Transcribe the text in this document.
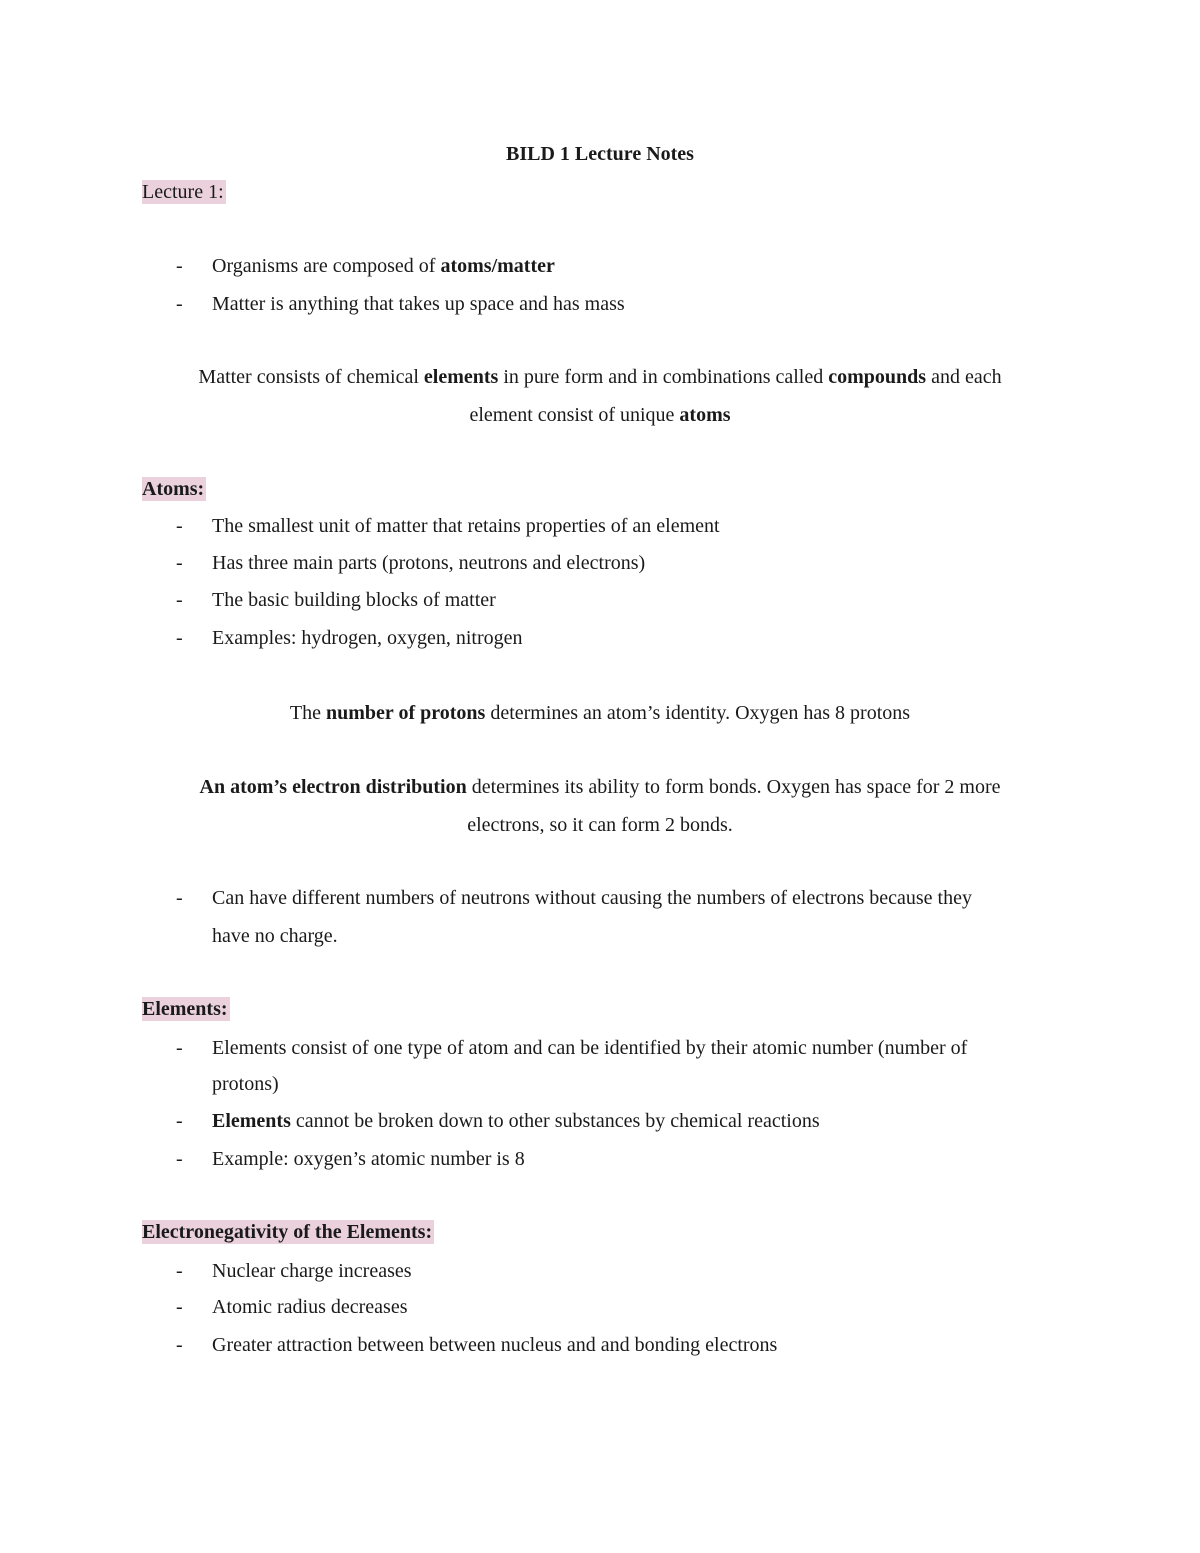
BILD 1 Lecture Notes
Lecture 1:
- Organisms are composed of atoms/matter
- Matter is anything that takes up space and has mass
Matter consists of chemical elements in pure form and in combinations called compounds and each
element consist of unique atoms
Atoms:
- The smallest unit of matter that retains properties of an element
- Has three main parts (protons, neutrons and electrons)
- The basic building blocks of matter
- Examples: hydrogen, oxygen, nitrogen
The number of protons determines an atom’s identity. Oxygen has 8 protons
An atom’s electron distribution determines its ability to form bonds. Oxygen has space for 2 more
electrons, so it can form 2 bonds.
- Can have different numbers of neutrons without causing the numbers of electrons because they
have no charge.
Elements:
- Elements consist of one type of atom and can be identified by their atomic number (number of
protons)
- Elements cannot be broken down to other substances by chemical reactions
- Example: oxygen’s atomic number is 8
Electronegativity of the Elements:
- Nuclear charge increases
- Atomic radius decreases
- Greater attraction between between nucleus and and bonding electrons
